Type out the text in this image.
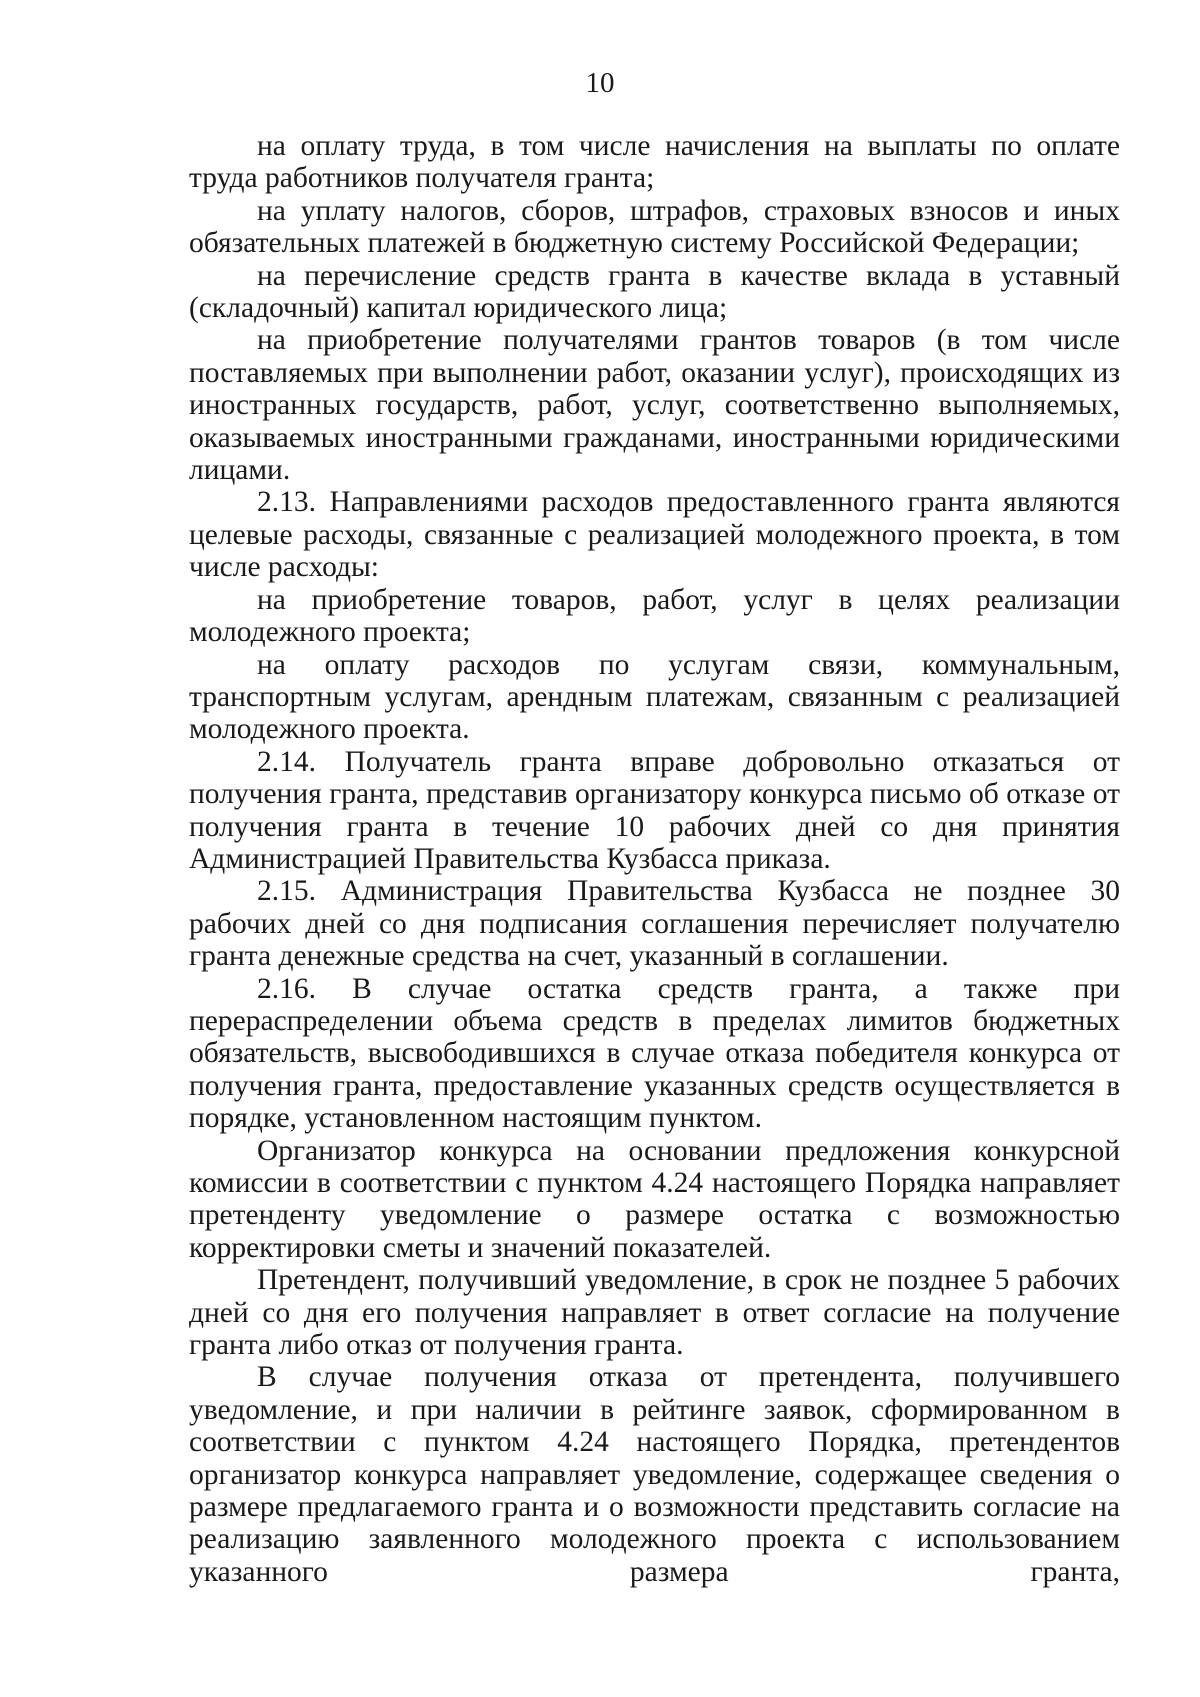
10

на оплату труда, в том числе начисления на выплаты по оплате труда работников получателя гранта;

на уплату налогов, сборов, штрафов, страховых взносов и иных обязательных платежей в бюджетную систему Российской Федерации;

на перечисление средств гранта в качестве вклада в уставный (складочный) капитал юридического лица;

на приобретение получателями грантов товаров (в том числе поставляемых при выполнении работ, оказании услуг), происходящих из иностранных государств, работ, услуг, соответственно выполняемых, оказываемых иностранными гражданами, иностранными юридическими лицами.

2.13. Направлениями расходов предоставленного гранта являются целевые расходы, связанные с реализацией молодежного проекта, в том числе расходы:

на приобретение товаров, работ, услуг в целях реализации молодежного проекта;

на оплату расходов по услугам связи, коммунальным, транспортным услугам, арендным платежам, связанным с реализацией молодежного проекта.

2.14. Получатель гранта вправе добровольно отказаться от получения гранта, представив организатору конкурса письмо об отказе от получения гранта в течение 10 рабочих дней со дня принятия Администрацией Правительства Кузбасса приказа.

2.15. Администрация Правительства Кузбасса не позднее 30 рабочих дней со дня подписания соглашения перечисляет получателю гранта денежные средства на счет, указанный в соглашении.

2.16. В случае остатка средств гранта, а также при перераспределении объема средств в пределах лимитов бюджетных обязательств, высвободившихся в случае отказа победителя конкурса от получения гранта, предоставление указанных средств осуществляется в порядке, установленном настоящим пунктом.

Организатор конкурса на основании предложения конкурсной комиссии в соответствии с пунктом 4.24 настоящего Порядка направляет претенденту уведомление о размере остатка с возможностью корректировки сметы и значений показателей.

Претендент, получивший уведомление, в срок не позднее 5 рабочих дней со дня его получения направляет в ответ согласие на получение гранта либо отказ от получения гранта.

В случае получения отказа от претендента, получившего уведомление, и при наличии в рейтинге заявок, сформированном в соответствии с пунктом 4.24 настоящего Порядка, претендентов организатор конкурса направляет уведомление, содержащее сведения о размере предлагаемого гранта и о возможности представить согласие на реализацию заявленного молодежного проекта с использованием указанного размера гранта,
